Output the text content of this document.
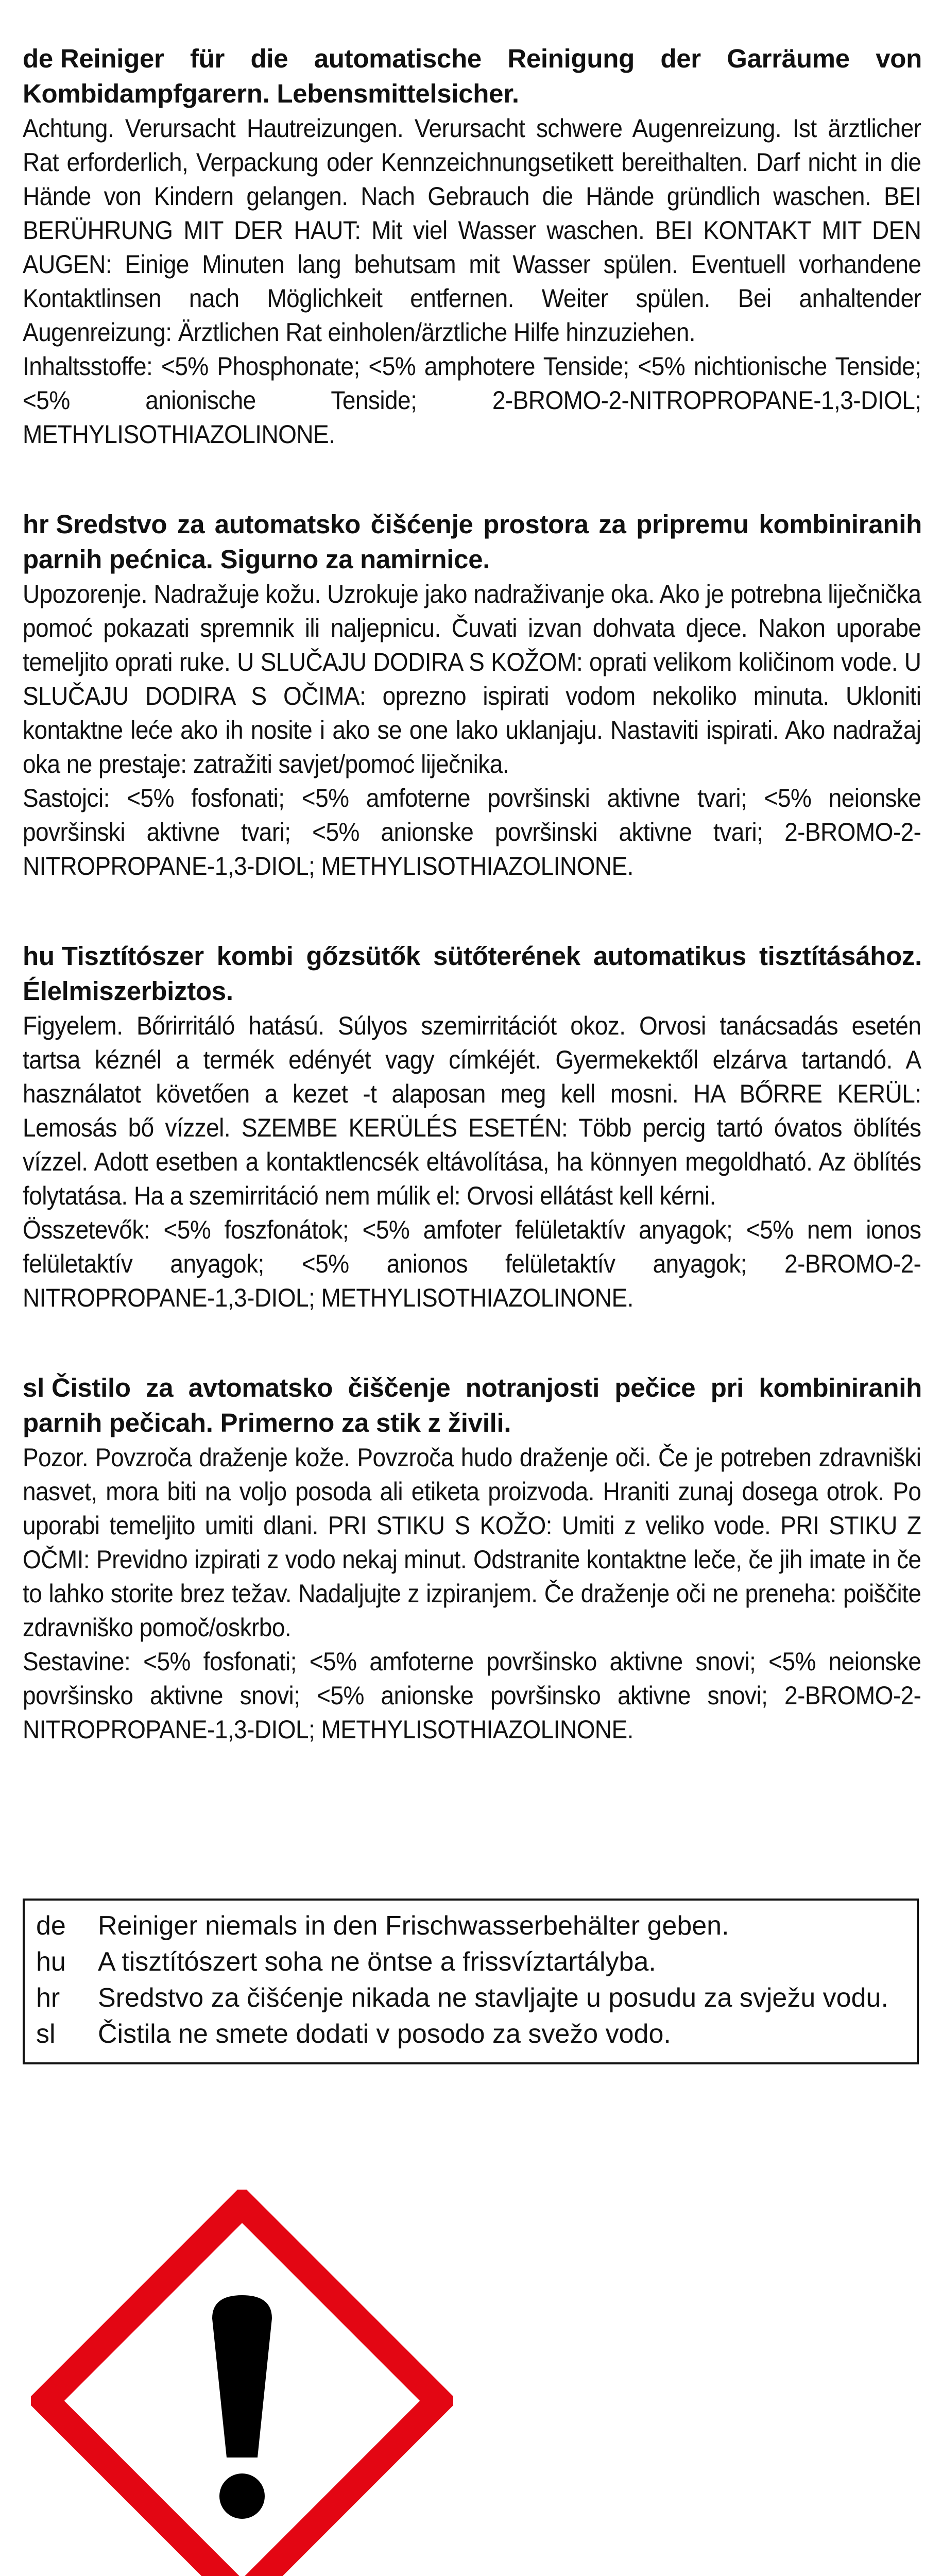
de Reiniger für die automatische Reinigung der Garräume von Kombidampfgarern. Lebensmittelsicher.

Achtung. Verursacht Hautreizungen. Verursacht schwere Augenreizung. Ist ärztlicher Rat erforderlich, Verpackung oder Kennzeichnungsetikett bereithalten. Darf nicht in die Hände von Kindern gelangen. Nach Gebrauch die Hände gründlich waschen. BEI BERÜHRUNG MIT DER HAUT: Mit viel Wasser waschen. BEI KONTAKT MIT DEN AUGEN: Einige Minuten lang behutsam mit Wasser spülen. Eventuell vorhandene Kontaktlinsen nach Möglichkeit entfernen. Weiter spülen. Bei anhaltender Augenreizung: Ärztlichen Rat einholen/ärztliche Hilfe hinzuziehen.

Inhaltsstoffe: <5% Phosphonate; <5% amphotere Tenside; <5% nichtionische Tenside; <5% anionische Tenside; 2-BROMO-2-NITROPROPANE-1,3-DIOL; METHYLISOTHIAZOLINONE.

hr Sredstvo za automatsko čišćenje prostora za pripremu kombiniranih parnih pećnica. Sigurno za namirnice.

Upozorenje. Nadražuje kožu. Uzrokuje jako nadraživanje oka. Ako je potrebna liječnička pomoć pokazati spremnik ili naljepnicu. Čuvati izvan dohvata djece. Nakon uporabe temeljito oprati ruke. U SLUČAJU DODIRA S KOŽOM: oprati velikom količinom vode. U SLUČAJU DODIRA S OČIMA: oprezno ispirati vodom nekoliko minuta. Ukloniti kontaktne leće ako ih nosite i ako se one lako uklanjaju. Nastaviti ispirati. Ako nadražaj oka ne prestaje: zatražiti savjet/pomoć liječnika.

Sastojci: <5% fosfonati; <5% amfoterne površinski aktivne tvari; <5% neionske površinski aktivne tvari; <5% anionske površinski aktivne tvari; 2-BROMO-2-NITROPROPANE-1,3-DIOL; METHYLISOTHIAZOLINONE.

hu Tisztítószer kombi gőzsütők sütőterének automatikus tisztításához. Élelmiszerbiztos.

Figyelem. Bőrirritáló hatású. Súlyos szemirritációt okoz. Orvosi tanácsadás esetén tartsa kéznél a termék edényét vagy címkéjét. Gyermekektől elzárva tartandó. A használatot követően a kezet -t alaposan meg kell mosni. HA BŐRRE KERÜL: Lemosás bő vízzel. SZEMBE KERÜLÉS ESETÉN: Több percig tartó óvatos öblítés vízzel. Adott esetben a kontaktlencsék eltávolítása, ha könnyen megoldható. Az öblítés folytatása. Ha a szemirritáció nem múlik el: Orvosi ellátást kell kérni.

Összetevők: <5% foszfonátok; <5% amfoter felületaktív anyagok; <5% nem ionos felületaktív anyagok; <5% anionos felületaktív anyagok; 2-BROMO-2-NITROPROPANE-1,3-DIOL; METHYLISOTHIAZOLINONE.

sl Čistilo za avtomatsko čiščenje notranjosti pečice pri kombiniranih parnih pečicah. Primerno za stik z živili.

Pozor. Povzroča draženje kože. Povzroča hudo draženje oči. Če je potreben zdravniški nasvet, mora biti na voljo posoda ali etiketa proizvoda. Hraniti zunaj dosega otrok. Po uporabi temeljito umiti dlani. PRI STIKU S KOŽO: Umiti z veliko vode. PRI STIKU Z OČMI: Previdno izpirati z vodo nekaj minut. Odstranite kontaktne leče, če jih imate in če to lahko storite brez težav. Nadaljujte z izpiranjem. Če draženje oči ne preneha: poiščite zdravniško pomoč/oskrbo.

Sestavine: <5% fosfonati; <5% amfoterne površinsko aktivne snovi; <5% neionske površinsko aktivne snovi; <5% anionske površinsko aktivne snovi; 2-BROMO-2-NITROPROPANE-1,3-DIOL; METHYLISOTHIAZOLINONE.

de	Reiniger niemals in den Frischwasserbehälter geben.
hu	A tisztítószert soha ne öntse a frissvíztartályba.
hr	Sredstvo za čišćenje nikada ne stavljajte u posudu za svježu vodu.
sl	Čistila ne smete dodati v posodo za svežo vodo.
